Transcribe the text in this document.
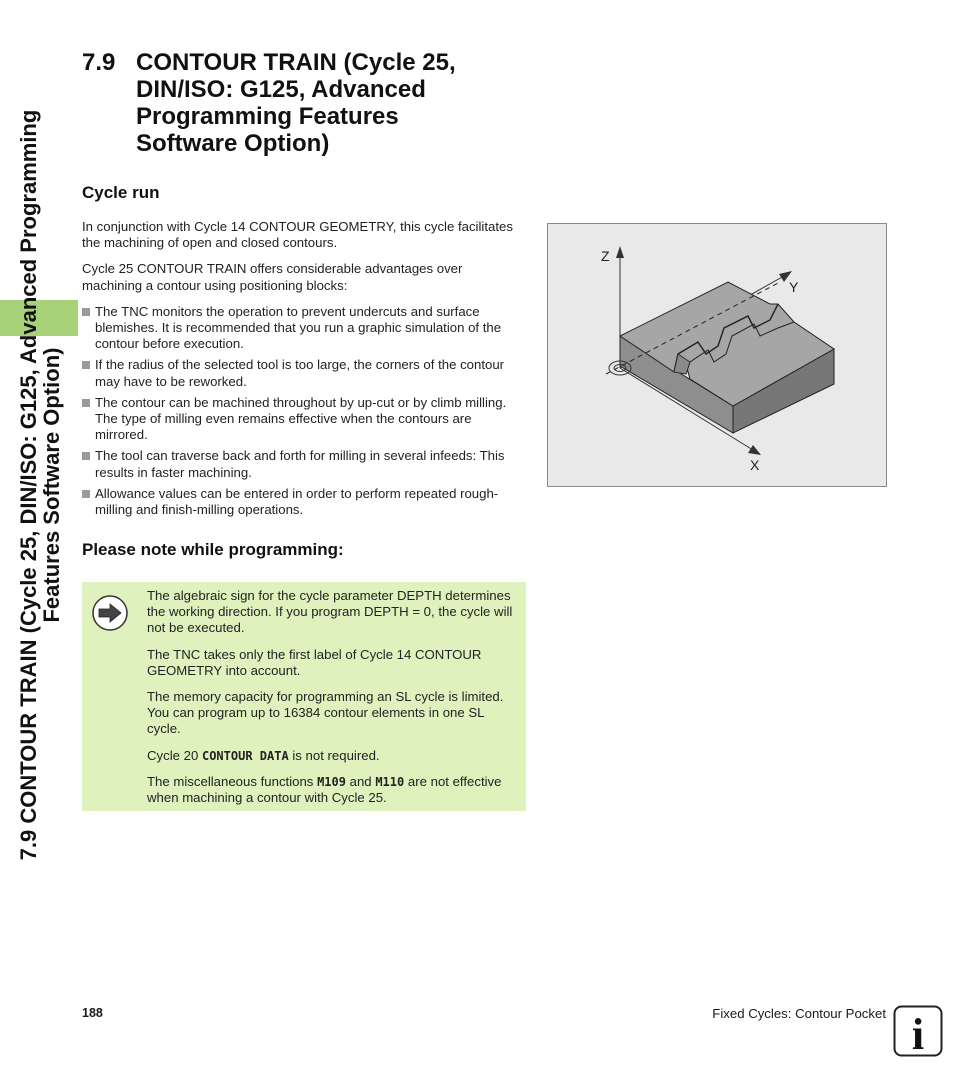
7.9 CONTOUR TRAIN (Cycle 25, DIN/ISO: G125, Advanced Programming
Features Software Option)
7.9 CONTOUR TRAIN (Cycle 25,
DIN/ISO: G125, Advanced
Programming Features
Software Option)
Cycle run

In conjunction with Cycle 14 CONTOUR GEOMETRY, this cycle facilitates the machining of open and closed contours.

Cycle 25 CONTOUR TRAIN offers considerable advantages over machining a contour using positioning blocks:

The TNC monitors the operation to prevent undercuts and surface blemishes. It is recommended that you run a graphic simulation of the contour before execution.
If the radius of the selected tool is too large, the corners of the contour may have to be reworked.
The contour can be machined throughout by up-cut or by climb milling. The type of milling even remains effective when the contours are mirrored.
The tool can traverse back and forth for milling in several infeeds: This results in faster machining.
Allowance values can be entered in order to perform repeated rough-milling and finish-milling operations.
Z
Y
X
Please note while programming:

The algebraic sign for the cycle parameter DEPTH determines the working direction. If you program DEPTH = 0, the cycle will not be executed.

The TNC takes only the first label of Cycle 14 CONTOUR GEOMETRY into account.

The memory capacity for programming an SL cycle is limited. You can program up to 16384 contour elements in one SL cycle.

Cycle 20 CONTOUR DATA is not required.

The miscellaneous functions M109 and M110 are not effective when machining a contour with Cycle 25.

188	Fixed Cycles: Contour Pocket i
